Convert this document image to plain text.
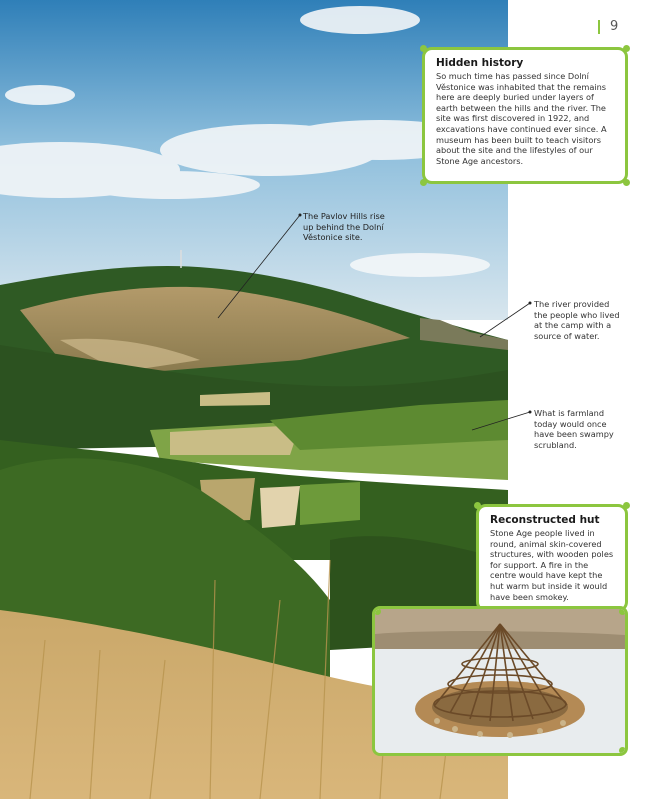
9
Hidden history

So much time has passed since Dolní Věstonice was inhabited that the remains here are deeply buried under layers of earth between the hills and the river. The site was first discovered in 1922, and excavations have continued ever since. A museum has been built to teach visitors about the site and the lifestyles of our Stone Age ancestors.

The Pavlov Hills rise up behind the Dolní Věstonice site.
The river provided the people who lived at the camp with a source of water.
What is farmland today would once have been swampy scrubland.
Reconstructed hut

Stone Age people lived in round, animal skin-covered structures, with wooden poles for support. A fire in the centre would have kept the hut warm but inside it would have been smokey.
